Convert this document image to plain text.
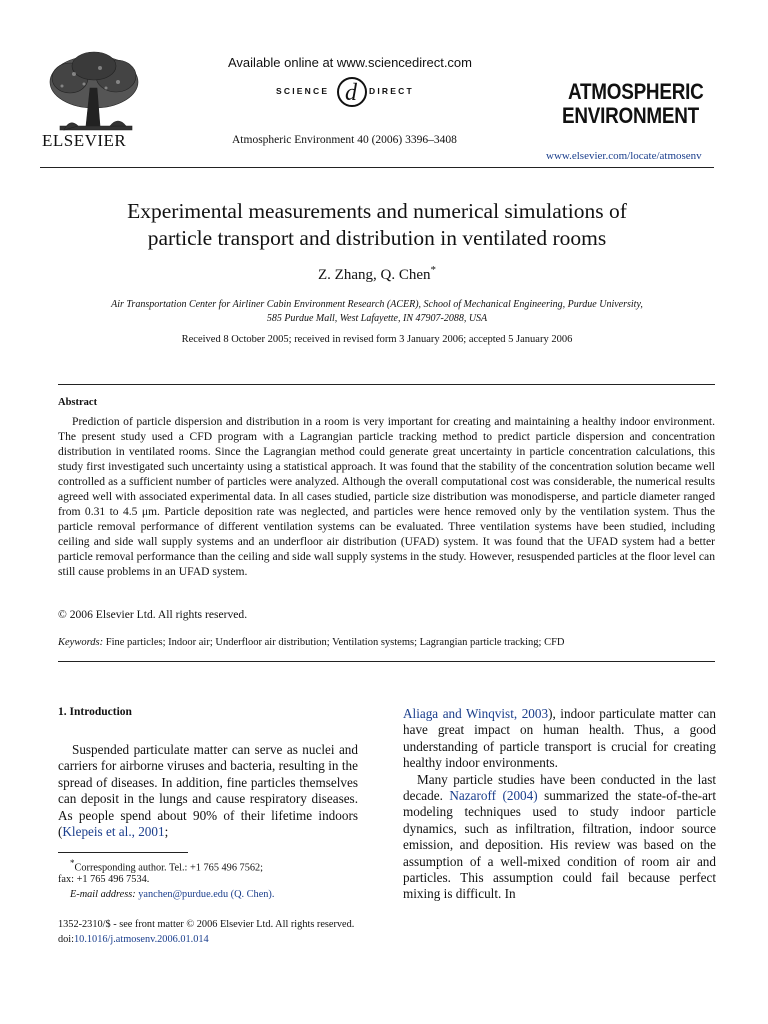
ELSEVIER
Available online at www.sciencedirect.com
SCIENCE d DIRECT
Atmospheric Environment 40 (2006) 3396–3408
ATMOSPHERIC
ENVIRONMENT
www.elsevier.com/locate/atmosenv
Experimental measurements and numerical simulations of
particle transport and distribution in ventilated rooms
Z. Zhang, Q. Chen*
Air Transportation Center for Airliner Cabin Environment Research (ACER), School of Mechanical Engineering, Purdue University,
585 Purdue Mall, West Lafayette, IN 47907-2088, USA
Received 8 October 2005; received in revised form 3 January 2006; accepted 5 January 2006
Abstract

Prediction of particle dispersion and distribution in a room is very important for creating and maintaining a healthy indoor environment. The present study used a CFD program with a Lagrangian particle tracking method to predict particle dispersion and concentration distribution in ventilated rooms. Since the Lagrangian method could generate great uncertainty in particle concentration calculations, this study first investigated such uncertainty using a statistical approach. It was found that the stability of the concentration solution became well controlled as a sufficient number of particles were analyzed. Although the overall computational cost was considerable, the numerical results agreed well with associated experimental data. In all cases studied, particle size distribution was monodisperse, and particle diameter ranged from 0.31 to 4.5 μm. Particle deposition rate was neglected, and particles were hence removed only by the ventilation system. Thus the particle removal performance of different ventilation systems can be evaluated. Three ventilation systems have been studied, including ceiling and side wall supply systems and an underfloor air distribution (UFAD) system. It was found that the UFAD system had a better particle removal performance than the ceiling and side wall supply systems in the study. However, resuspended particles at the floor level can still cause problems in an UFAD system.

© 2006 Elsevier Ltd. All rights reserved.
Keywords: Fine particles; Indoor air; Underfloor air distribution; Ventilation systems; Lagrangian particle tracking; CFD
1. Introduction

Suspended particulate matter can serve as nuclei and carriers for airborne viruses and bacteria, resulting in the spread of diseases. In addition, fine particles themselves can deposit in the lungs and cause respiratory diseases. As people spend about 90% of their lifetime indoors (Klepeis et al., 2001;

Aliaga and Winqvist, 2003), indoor particulate matter can have great impact on human health. Thus, a good understanding of particle transport is crucial for creating healthy indoor environments.
Many particle studies have been conducted in the last decade. Nazaroff (2004) summarized the state-of-the-art modeling techniques used to study indoor particle dynamics, such as infiltration, filtration, indoor source emission, and deposition. His review was based on the assumption of a well-mixed condition of room air and particles. This assumption could fail because perfect mixing is difficult. In

*Corresponding author. Tel.: +1 765 496 7562;
fax: +1 765 496 7534.
E-mail address: yanchen@purdue.edu (Q. Chen).
1352-2310/$ - see front matter © 2006 Elsevier Ltd. All rights reserved.
doi:10.1016/j.atmosenv.2006.01.014
